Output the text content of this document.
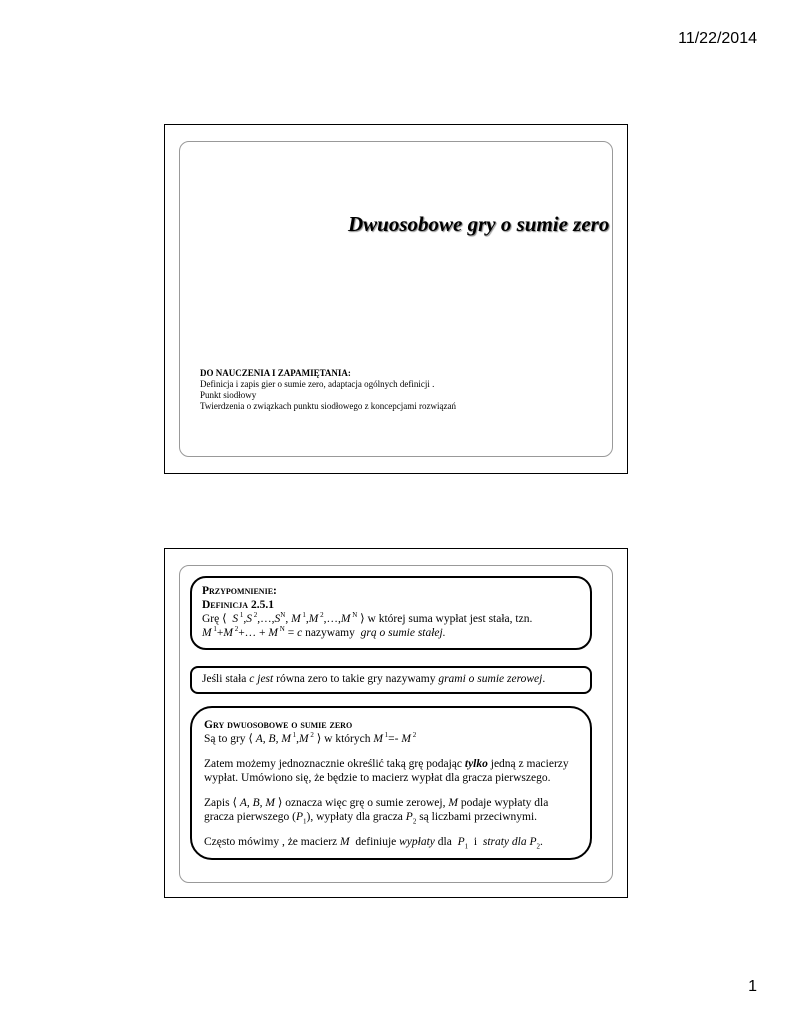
11/22/2014
Dwuosobowe gry o sumie zero
DO NAUCZENIA I ZAPAMIĘTANIA:
Definicja i zapis gier o sumie zero, adaptacja ogólnych definicji .
Punkt siodłowy
Twierdzenia o związkach punktu siodłowego z koncepcjami rozwiązań
Przypomnienie:
Definicja 2.5.1
Grę ⟨  S $^1$,S $^2,\dots,S^N$, M $^1$,M $^2$,…,M $^N$ ⟩ w której suma wypłat jest stała, tzn.
M $^1$+M $^2$+… + M $^N$ = c nazywamy grą o sumie stałej.
Jeśli stała c jest równa zero to takie gry nazywamy grami o sumie zerowej.
Gry dwuosobowe o sumie zero
Są to gry ⟨ A, B, M $^1$,M $^2$ ⟩ w których M $^1$=- M $^2$
Zatem możemy jednoznacznie określić taką grę podając tylko jedną z macierzy
wypłat. Umówiono się, że będzie to macierz wypłat dla gracza pierwszego.
Zapis ⟨ A, B, M ⟩ oznacza więc grę o sumie zerowej, M podaje wypłaty dla
gracza pierwszego $(P_1)$, wypłaty dla gracza $P_2$ są liczbami przeciwnymi.
Często mówimy , że macierz M definiuje wypłaty dla $P_1$ i straty dla $P_2$.
1
